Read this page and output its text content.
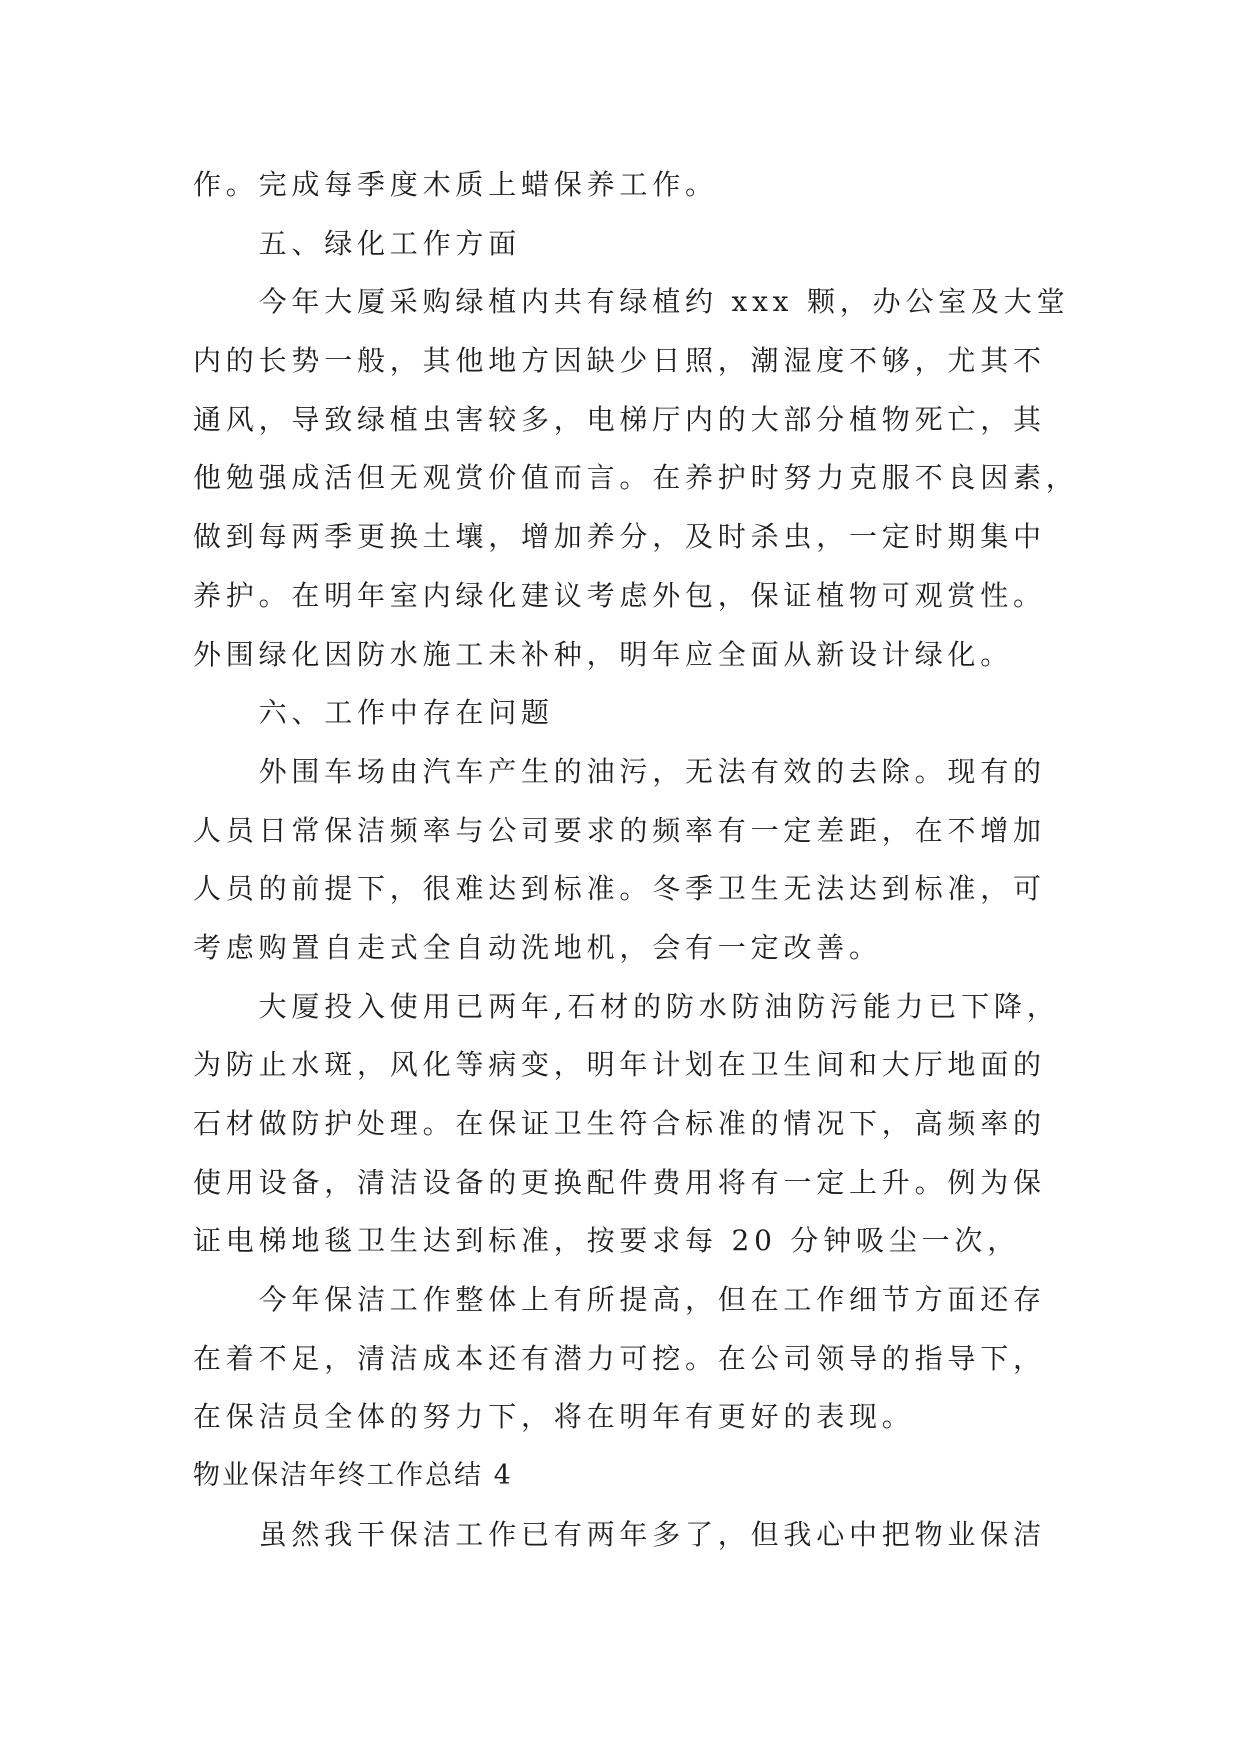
作。完成每季度木质上蜡保养工作。

五、绿化工作方面

今年大厦采购绿植内共有绿植约 xxx 颗，办公室及大堂
内的长势一般，其他地方因缺少日照，潮湿度不够，尤其不
通风，导致绿植虫害较多，电梯厅内的大部分植物死亡，其
他勉强成活但无观赏价值而言。在养护时努力克服不良因素，
做到每两季更换土壤，增加养分，及时杀虫，一定时期集中
养护。在明年室内绿化建议考虑外包，保证植物可观赏性。
外围绿化因防水施工未补种，明年应全面从新设计绿化。

六、工作中存在问题

外围车场由汽车产生的油污，无法有效的去除。现有的
人员日常保洁频率与公司要求的频率有一定差距，在不增加
人员的前提下，很难达到标准。冬季卫生无法达到标准，可
考虑购置自走式全自动洗地机，会有一定改善。

大厦投入使用已两年,石材的防水防油防污能力已下降，
为防止水斑，风化等病变，明年计划在卫生间和大厅地面的
石材做防护处理。在保证卫生符合标准的情况下，高频率的
使用设备，清洁设备的更换配件费用将有一定上升。例为保
证电梯地毯卫生达到标准，按要求每 20 分钟吸尘一次，

今年保洁工作整体上有所提高，但在工作细节方面还存
在着不足，清洁成本还有潜力可挖。在公司领导的指导下，
在保洁员全体的努力下，将在明年有更好的表现。

物业保洁年终工作总结 4

虽然我干保洁工作已有两年多了，但我心中把物业保洁
